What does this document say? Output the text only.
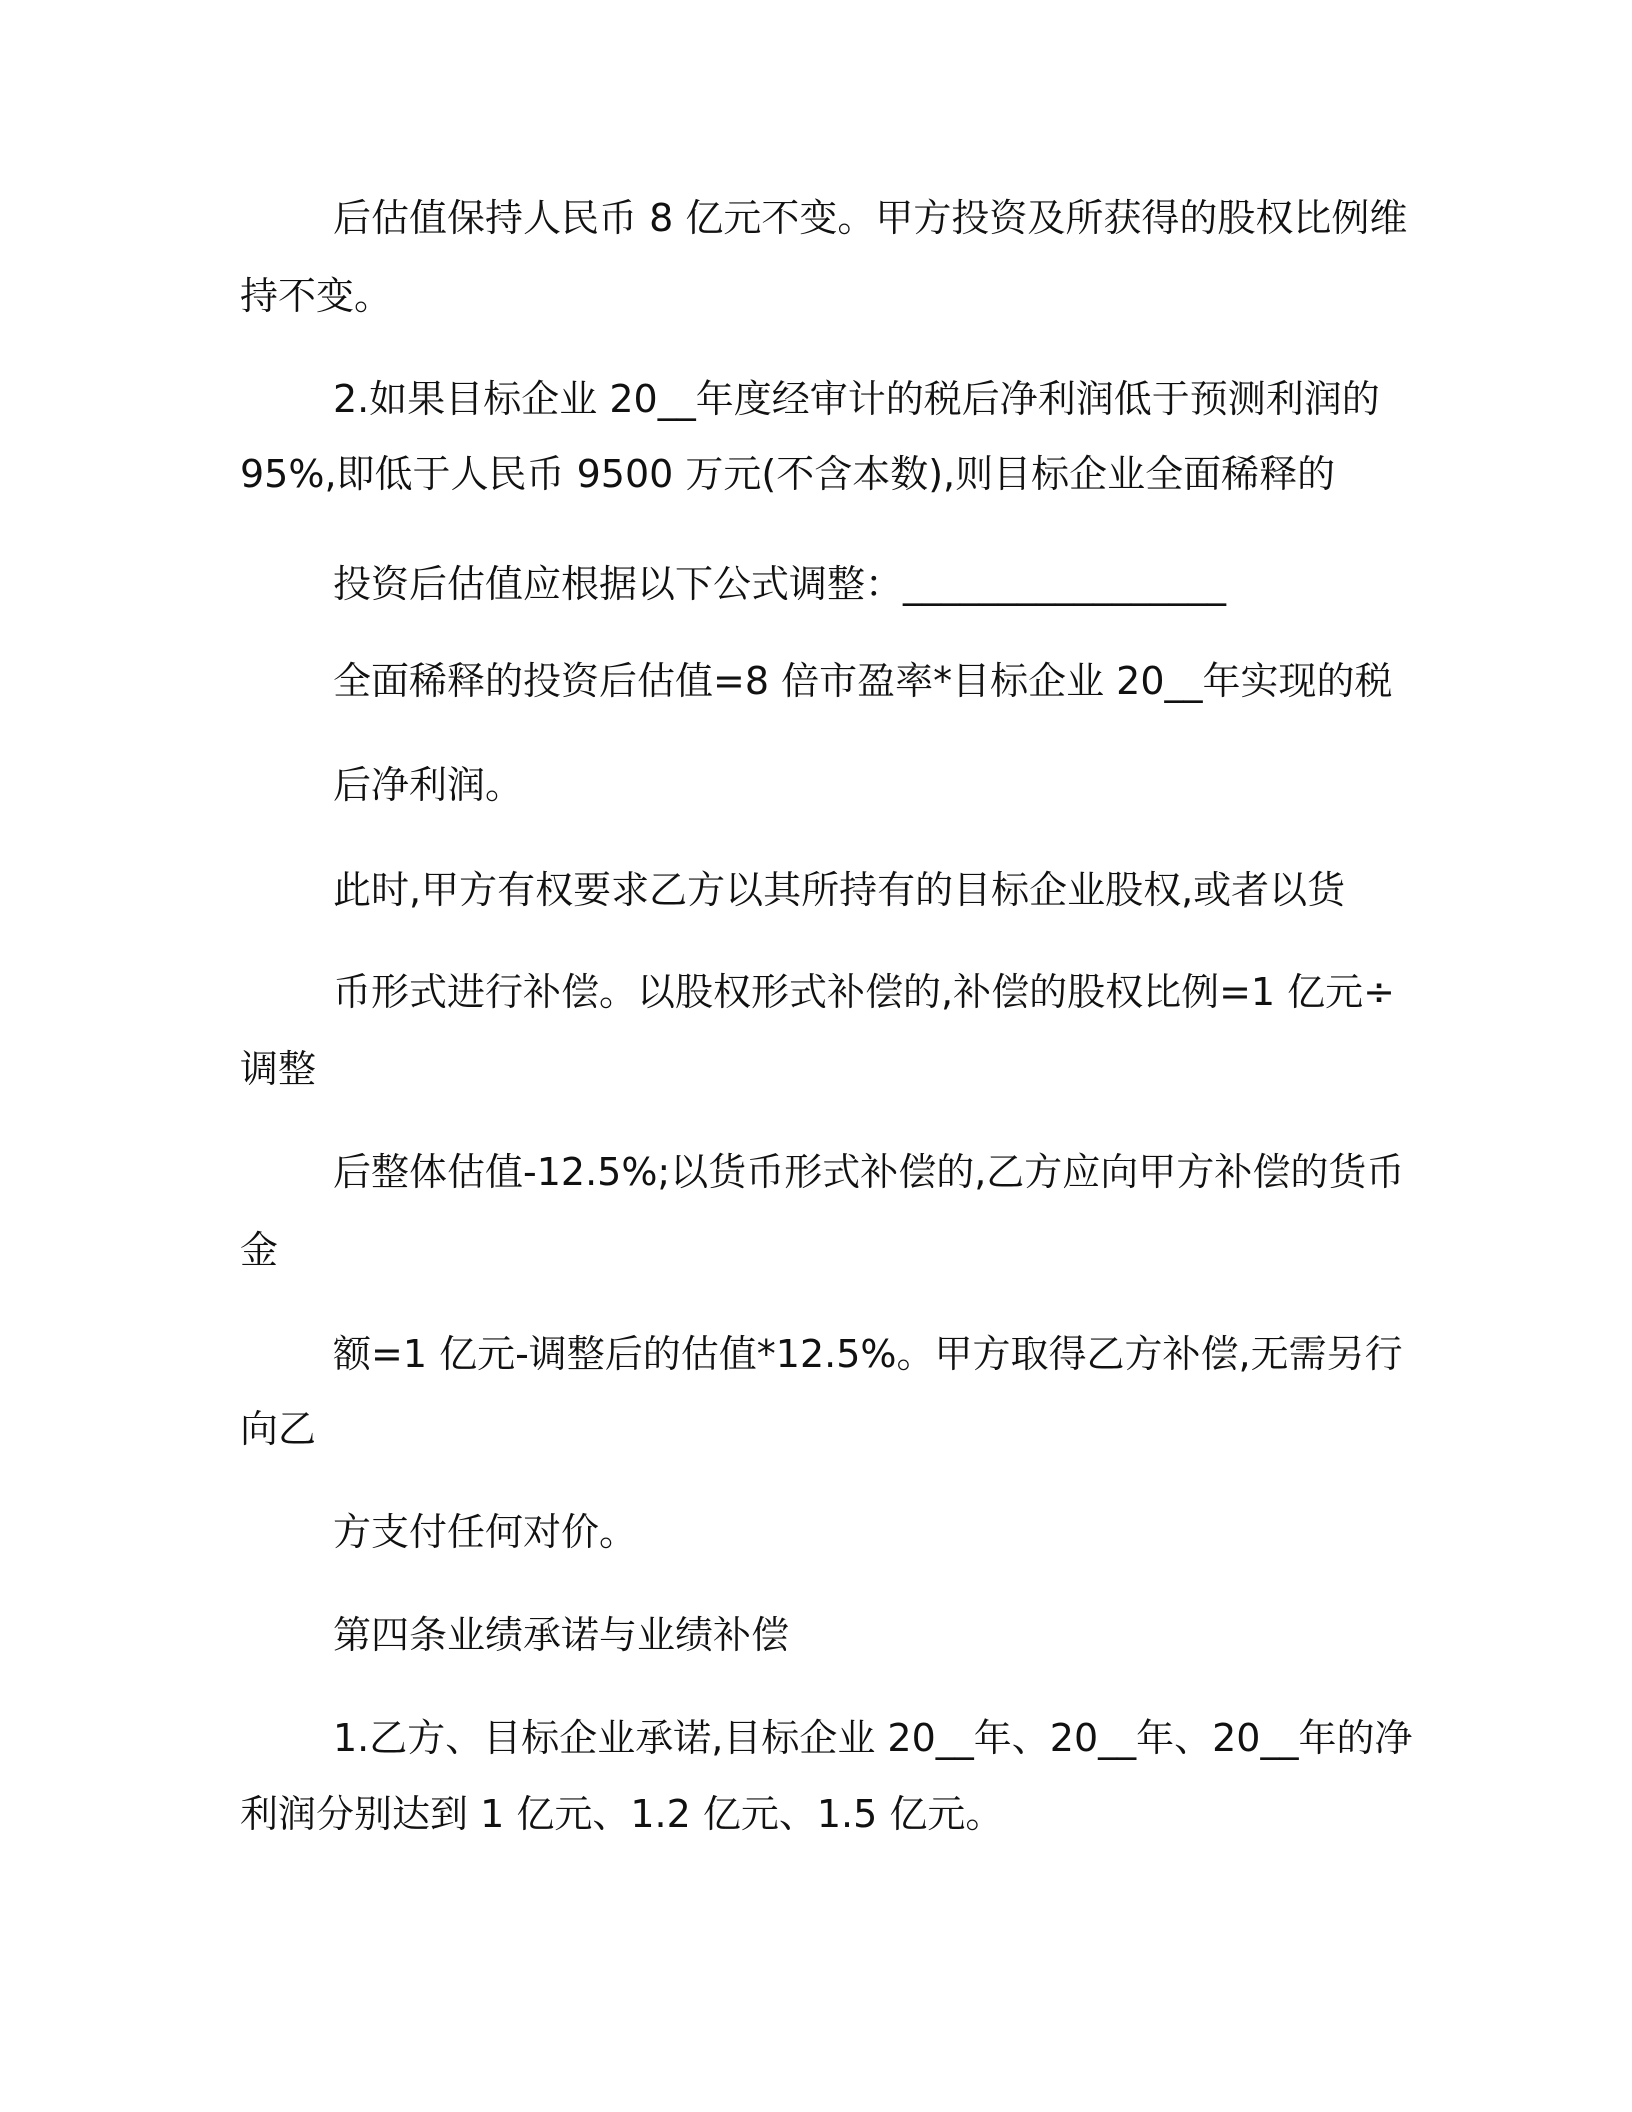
后估值保持人民币 8 亿元不变。甲方投资及所获得的股权比例维
持不变。
2.如果目标企业 20__年度经审计的税后净利润低于预测利润的
95%,即低于人民币 9500 万元(不含本数),则目标企业全面稀释的
投资后估值应根据以下公式调整：_________________
全面稀释的投资后估值=8 倍市盈率*目标企业 20__年实现的税
后净利润。
此时,甲方有权要求乙方以其所持有的目标企业股权,或者以货
币形式进行补偿。以股权形式补偿的,补偿的股权比例=1 亿元÷
调整
后整体估值-12.5%;以货币形式补偿的,乙方应向甲方补偿的货币
金
额=1 亿元-调整后的估值*12.5%。甲方取得乙方补偿,无需另行
向乙
方支付任何对价。
第四条业绩承诺与业绩补偿
1.乙方、目标企业承诺,目标企业 20__年、20__年、20__年的净
利润分别达到 1 亿元、1.2 亿元、1.5 亿元。
